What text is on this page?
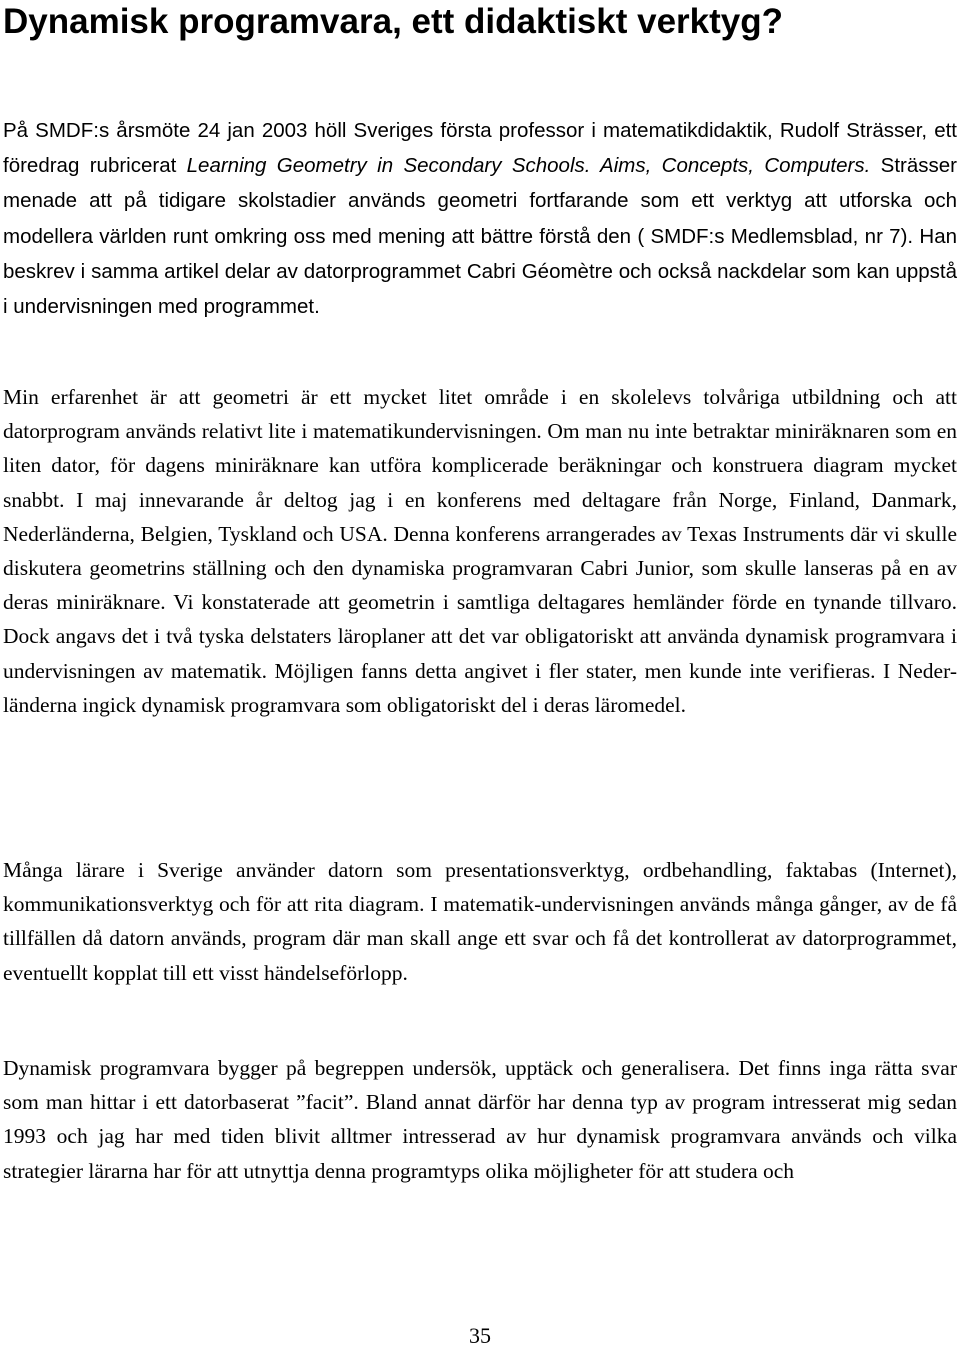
Dynamisk programvara, ett didaktiskt verktyg?

På SMDF:s årsmöte 24 jan 2003 höll Sveriges första professor i matematikdidaktik, Rudolf Strässer, ett föredrag rubricerat Learning Geometry in Secondary Schools. Aims, Concepts, Computers. Strässer menade att på tidigare skolstadier används geometri fortfarande som ett verktyg att utforska och modellera världen runt omkring oss med mening att bättre förstå den ( SMDF:s Medlemsblad, nr 7). Han beskrev i samma artikel delar av datorprogrammet Cabri Géomètre och också nackdelar som kan uppstå i undervisningen med programmet.

Min erfarenhet är att geometri är ett mycket litet område i en skolelevs tolvåriga utbildning och att datorprogram används relativt lite i matematikundervisningen. Om man nu inte betraktar miniräknaren som en liten dator, för dagens miniräknare kan utföra komplicerade beräkningar och konstruera diagram mycket snabbt. I maj innevarande år deltog jag i en konferens med deltagare från Norge, Finland, Danmark, Nederländerna, Belgien, Tyskland och USA. Denna konferens arrangerades av Texas Instruments där vi skulle diskutera geometrins ställning och den dynamiska programvaran Cabri Junior, som skulle lanseras på en av deras miniräknare. Vi konstaterade att geometrin i samtliga deltagares hemländer förde en tynande tillvaro. Dock angavs det i två tyska delstaters läroplaner att det var obligatoriskt att använda dynamisk programvara i undervisningen av matematik. Möjligen fanns detta angivet i fler stater, men kunde inte verifieras. I Neder-länderna ingick dynamisk programvara som obligatoriskt del i deras läromedel.

Många lärare i Sverige använder datorn som presentationsverktyg, ordbehandling, faktabas (Internet), kommunikationsverktyg och för att rita diagram. I matematik-undervisningen används många gånger, av de få tillfällen då datorn används, program där man skall ange ett svar och få det kontrollerat av datorprogrammet, eventuellt kopplat till ett visst händelseförlopp.

Dynamisk programvara bygger på begreppen undersök, upptäck och generalisera. Det finns inga rätta svar som man hittar i ett datorbaserat ”facit”. Bland annat därför har denna typ av program intresserat mig sedan 1993 och jag har med tiden blivit alltmer intresserad av hur dynamisk programvara används och vilka strategier lärarna har för att utnyttja denna programtyps olika möjligheter för att studera och

35
